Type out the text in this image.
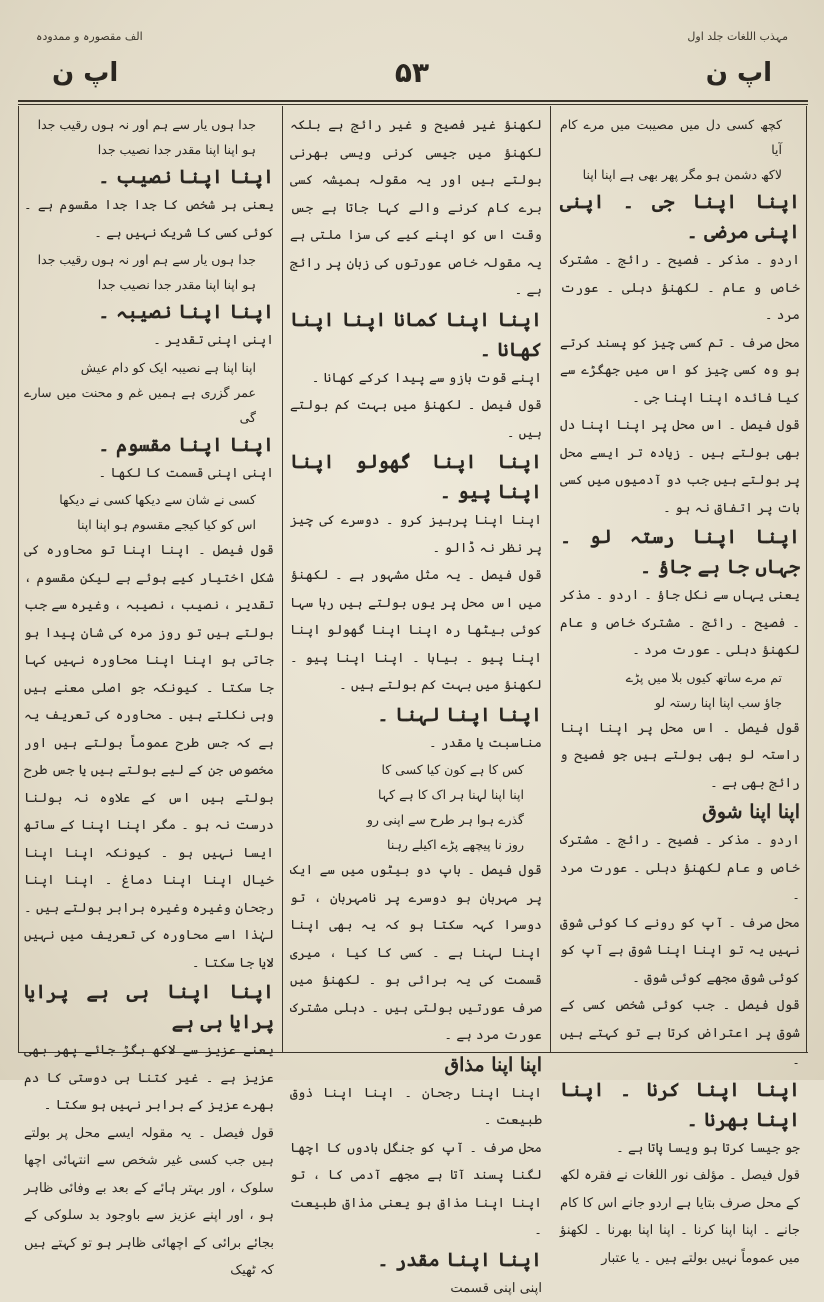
الف مقصورہ و ممدودہ	مہذب اللغات جلد اول
اپ ن	۵۳	اپ ن

کچھ کسی دل میں مصیبت میں مرے کام آیا

لاکھ دشمن ہو مگر پھر بھی ہے اپنا اپنا

اپنا اپنا جی ۔ اپنی اپنی مرضی ۔

اردو ۔ مذکر ۔ فصیح ۔ رائج ۔ مشترک خاص و عام ۔ لکھنؤ دہلی ۔ عورت مرد ۔

محل صرف ۔ تم کسی چیز کو پسند کرتے ہو وہ کسی چیز کو اس میں جھگڑے سے کیا فائدہ اپنا اپنا جی ۔

قول فیصل ۔ اس محل پر اپنا اپنا دل بھی بولتے ہیں ۔ زیادہ تر ایسے محل پر بولتے ہیں جب دو آدمیوں میں کسی بات پر اتفاق نہ ہو ۔

اپنا اپنا رستہ لو ۔ جہاں جا ہے جاؤ ۔

یعنی یہاں سے نکل جاؤ ۔ اردو ۔ مذکر ۔ فصیح ۔ رائج ۔ مشترک خاص و عام لکھنؤ دہلی ۔ عورت مرد ۔

تم مرے ساتھ کیوں بلا میں پڑے

جاؤ سب اپنا اپنا رستہ لو

قول فیصل ۔ اس محل پر اپنا اپنا راستہ لو بھی بولتے ہیں جو فصیح و رائج بھی ہے ۔

اپنا اپنا شوق

اردو ۔ مذکر ۔ فصیح ۔ رائج ۔ مشترک خاص و عام لکھنؤ دہلی ۔ عورت مرد ۔

محل صرف ۔ آپ کو رونے کا کوئی شوق نہیں یہ تو اپنا اپنا شوق ہے آپ کو کوئی شوق مجھے کوئی شوق ۔

قول فیصل ۔ جب کوئی شخص کسی کے شوق پر اعتراض کرتا ہے تو کہتے ہیں ۔

اپنا اپنا کرنا ۔ اپنا اپنا بھرنا ۔

جو جیسا کرتا ہو ویسا پاتا ہے ۔

قول فیصل ۔ مؤلف نور اللغات نے فقرہ لکھ کے محل صرف بتایا ہے اردو جانے اس کا کام جانے ۔ اپنا اپنا کرنا ۔ اپنا اپنا بھرنا ۔ لکھنؤ میں عموماً نہیں بولتے ہیں ۔ یا عتبار

لکھنؤ غیر فصیح و غیر رائج ہے بلکہ لکھنؤ میں جیسی کرنی ویسی بھرنی بولتے ہیں اور یہ مقولہ ہمیشہ کسی برے کام کرنے والے کہا جاتا ہے جس وقت اس کو اپنے کیے کی سزا ملتی ہے یہ مقولہ خاص عورتوں کی زبان پر رائج ہے ۔

اپنا اپنا کمانا اپنا اپنا کھانا ۔

اپنے قوت بازو سے پیدا کرکے کھانا ۔

قول فیصل ۔ لکھنؤ میں بہت کم بولتے ہیں ۔

اپنا اپنا گھولو اپنا اپنا پیو ۔

اپنا اپنا پرہیز کرو ۔ دوسرے کی چیز پر نظر نہ ڈالو ۔

قول فیصل ۔ یہ مثل مشہور ہے ۔ لکھنؤ میں اس محل پر یوں بولتے ہیں رہا سہا کوئی بیٹھا رہ اپنا اپنا گھولو اپنا اپنا پیو ۔ بیاہا ۔ اپنا اپنا پیو ۔ لکھنؤ میں بہت کم بولتے ہیں ۔

اپنا اپنا لہنا ۔

مناسبت یا مقدر ۔

کس کا ہے کون کیا کسی کا

اپنا اپنا لہنا ہر اک کا ہے کہا

گذرے ہوا ہر طرح سے اپنی رو

روز نا پیچھے پڑے اکیلے رہنا

قول فیصل ۔ باپ دو بیٹوں میں سے ایک پر مہربان ہو دوسرے پر نامہربان ، تو دوسرا کہہ سکتا ہو کہ یہ بھی اپنا اپنا لہنا ہے ۔ کسی کا کیا ، میری قسمت کی یہ برائی ہو ۔ لکھنؤ میں صرف عورتیں بولتی ہیں ۔ دہلی مشترک عورت مرد ہے ۔

اپنا اپنا مذاق

اپنا اپنا رجحان ۔ اپنا اپنا ذوق طبیعت ۔

محل صرف ۔ آپ کو جنگل بادوں کا اچھا لگنا پسند آتا ہے مجھے آدمی کا ، تو اپنا اپنا مذاق ہو یعنی مذاق طبیعت ۔

اپنا اپنا مقدر ۔

اپنی اپنی قسمت

جدا ہوں یار سے ہم اور نہ ہوں رقیب جدا

ہو اپنا اپنا مقدر جدا نصیب جدا

اپنا اپنا نصیب ۔

یعنی ہر شخص کا جدا جدا مقسوم ہے ۔ کوئی کسی کا شریک نہیں ہے ۔

جدا ہوں یار سے ہم اور نہ ہوں رقیب جدا

ہو اپنا اپنا مقدر جدا نصیب جدا

اپنا اپنا نصیبہ ۔

اپنی اپنی تقدیر ۔

اپنا اپنا ہے نصیبہ ایک کو دام عیش

عمر گزری ہے ہمیں غم و محنت میں سارے گی

اپنا اپنا مقسوم ۔

اپنی اپنی قسمت کا لکھا ۔

کسی نے شان سے دیکھا کسی نے دیکھا

اس کو کیا کیجے مقسوم ہو اپنا اپنا

قول فیصل ۔ اپنا اپنا تو محاورہ کی شکل اختیار کیے ہوئے ہے لیکن مقسوم ، تقدیر ، نصیب ، نصیبہ ، وغیرہ سے جب بولتے ہیں تو روز مرہ کی شان پیدا ہو جاتی ہو اپنا اپنا محاورہ نہیں کہا جا سکتا ۔ کیونکہ جو اصلی معنے ہیں وہی نکلتے ہیں ۔ محاورہ کی تعریف یہ ہے کہ جس طرح عموماً بولتے ہیں اور مخصوص جن کے لیے بولتے ہیں یا جس طرح بولتے ہیں اس کے علاوہ نہ بولنا درست نہ ہو ۔ مگر اپنا اپنا کے ساتھ ایسا نہیں ہو ۔ کیونکہ اپنا اپنا خیال اپنا اپنا دماغ ۔ اپنا اپنا رجحان وغیرہ وغیرہ برابر بولتے ہیں ۔ لہٰذا اسے محاورہ کی تعریف میں نہیں لایا جا سکتا ۔

اپنا اپنا ہی ہے پرایا پرایا ہی ہے

یعنے عزیز سے لاکھ بگڑ جائے پھر بھی عزیز ہے ۔ غیر کتنا ہی دوستی کا دم بھرے عزیز کے برابر نہیں ہو سکتا ۔

قول فیصل ۔ یہ مقولہ ایسے محل پر بولتے ہیں جب کسی غیر شخص سے انتہائی اچھا سلوک ، اور بہتر ہائے کے بعد بے وفائی ظاہر ہو ، اور اپنے عزیز سے باوجود بد سلوکی کے بجائے برائی کے اچھائی ظاہر ہو تو کہتے ہیں کہ ٹھیک
